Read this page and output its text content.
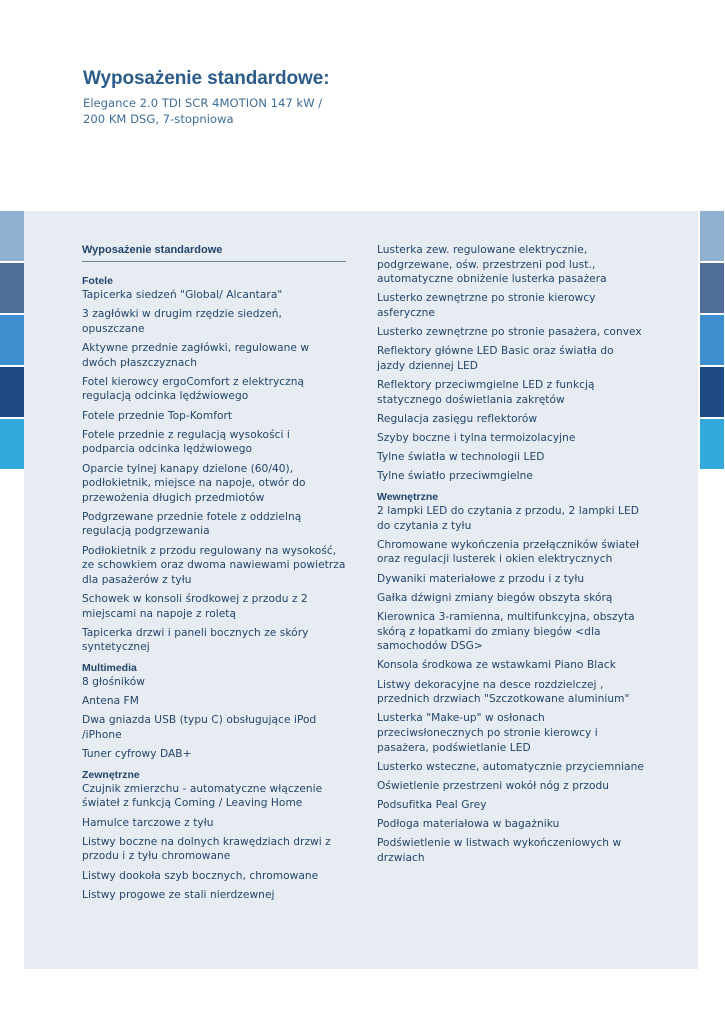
Wyposażenie standardowe:
Elegance 2.0 TDI SCR 4MOTION 147 kW /
200 KM DSG, 7-stopniowa
Wyposażenie standardowe
Fotele
Tapicerka siedzeń "Global/ Alcantara"
3 zagłówki w drugim rzędzie siedzeń, opuszczane
Aktywne przednie zagłówki, regulowane w dwóch płaszczyznach
Fotel kierowcy ergoComfort z elektryczną regulacją odcinka lędźwiowego
Fotele przednie Top-Komfort
Fotele przednie z regulacją wysokości i podparcia odcinka lędźwiowego
Oparcie tylnej kanapy dzielone (60/40), podłokietnik, miejsce na napoje, otwór do przewożenia długich przedmiotów
Podgrzewane przednie fotele z oddzielną regulacją podgrzewania
Podłokietnik z przodu regulowany na wysokość, ze schowkiem oraz dwoma nawiewami powietrza dla pasażerów z tyłu
Schowek w konsoli środkowej z przodu z 2 miejscami na napoje z roletą
Tapicerka drzwi i paneli bocznych ze skóry syntetycznej
Multimedia
8 głośników
Antena FM
Dwa gniazda USB (typu C) obsługujące iPod /iPhone
Tuner cyfrowy DAB+
Zewnętrzne
Czujnik zmierzchu - automatyczne włączenie świateł z funkcją Coming / Leaving Home
Hamulce tarczowe z tyłu
Listwy boczne na dolnych krawędziach drzwi z przodu i z tyłu chromowane
Listwy dookoła szyb bocznych, chromowane
Listwy progowe ze stali nierdzewnej
Lusterka zew. regulowane elektrycznie, podgrzewane, ośw. przestrzeni pod lust., automatyczne obniżenie lusterka pasażera
Lusterko zewnętrzne po stronie kierowcy asferyczne
Lusterko zewnętrzne po stronie pasażera, convex
Reflektory główne LED Basic oraz światła do jazdy dziennej LED
Reflektory przeciwmgielne LED z funkcją statycznego doświetlania zakrętów
Regulacja zasięgu reflektorów
Szyby boczne i tylna termoizolacyjne
Tylne światła w technologii LED
Tylne światło przeciwmgielne
Wewnętrzne
2 lampki LED do czytania z przodu, 2 lampki LED do czytania z tyłu
Chromowane wykończenia przełączników świateł oraz regulacji lusterek i okien elektrycznych
Dywaniki materiałowe z przodu i z tyłu
Gałka dźwigni zmiany biegów obszyta skórą
Kierownica 3-ramienna, multifunkcyjna, obszyta skórą z łopatkami do zmiany biegów <dla samochodów DSG>
Konsola środkowa ze wstawkami Piano Black
Listwy dekoracyjne na desce rozdzielczej , przednich drzwiach "Szczotkowane aluminium"
Lusterka "Make-up" w osłonach przeciwsłonecznych po stronie kierowcy i pasażera, podświetlanie LED
Lusterko wsteczne, automatycznie przyciemniane
Oświetlenie przestrzeni wokół nóg z przodu
Podsufitka Peal Grey
Podłoga materiałowa w bagażniku
Podświetlenie w listwach wykończeniowych w drzwiach
